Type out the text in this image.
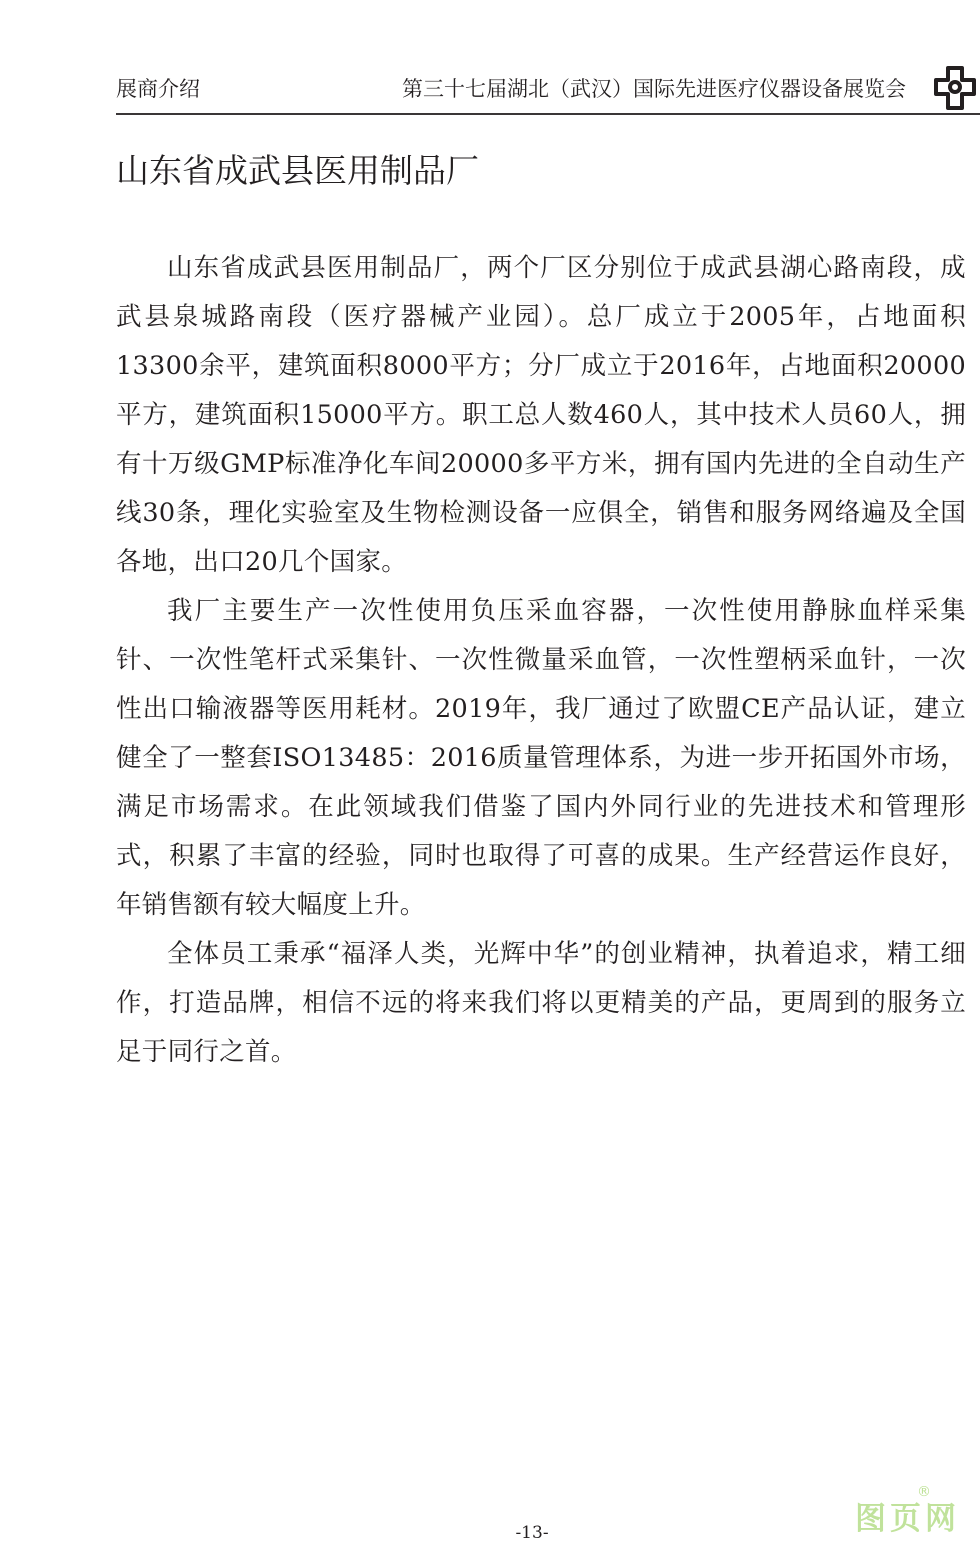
展商介绍	第三十七届湖北（武汉）国际先进医疗仪器设备展览会
山东省成武县医用制品厂

山东省成武县医用制品厂，两个厂区分别位于成武县湖心路南段，成武县泉城路南段（医疗器械产业园）。总厂成立于2005年，占地面积13300余平，建筑面积8000平方；分厂成立于2016年，占地面积20000平方，建筑面积15000平方。职工总人数460人，其中技术人员60人，拥有十万级GMP标准净化车间20000多平方米，拥有国内先进的全自动生产线30条，理化实验室及生物检测设备一应俱全，销售和服务网络遍及全国各地，出口20几个国家。

我厂主要生产一次性使用负压采血容器，一次性使用静脉血样采集针、一次性笔杆式采集针、一次性微量采血管，一次性塑柄采血针，一次性出口输液器等医用耗材。2019年，我厂通过了欧盟CE产品认证，建立健全了一整套ISO13485：2016质量管理体系，为进一步开拓国外市场，满足市场需求。在此领域我们借鉴了国内外同行业的先进技术和管理形式，积累了丰富的经验，同时也取得了可喜的成果。生产经营运作良好，年销售额有较大幅度上升。

全体员工秉承“福泽人类，光辉中华”的创业精神，执着追求，精工细作，打造品牌，相信不远的将来我们将以更精美的产品，更周到的服务立足于同行之首。

-13-	图页网
®
